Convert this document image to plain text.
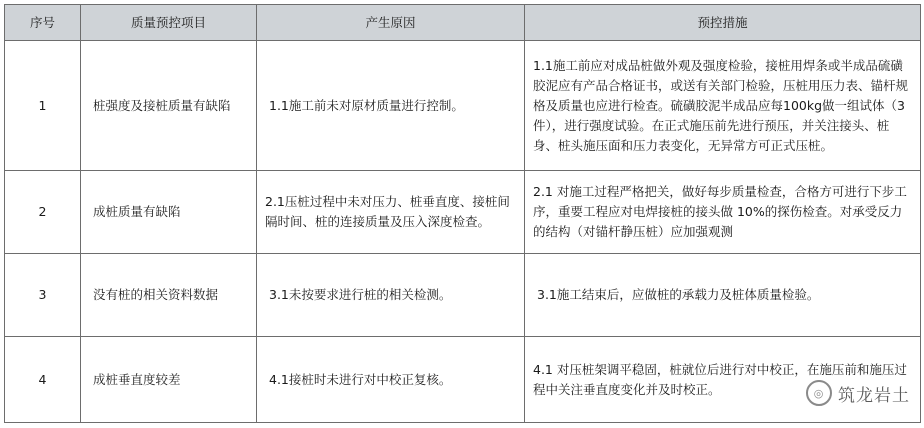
序号	质量预控项目	产生原因	预控措施
1	桩强度及接桩质量有缺陷	1.1施工前未对原材质量进行控制。	1.1施工前应对成品桩做外观及强度检验，接桩用焊条或半成品硫磺胶泥应有产品合格证书，或送有关部门检验，压桩用压力表、锚杆规格及质量也应进行检查。硫磺胶泥半成品应每100kg做一组试体（3件），进行强度试验。在正式施压前先进行预压，并关注接头、桩身、桩头施压面和压力表变化，无异常方可正式压桩。
2	成桩质量有缺陷	2.1压桩过程中未对压力、桩垂直度、接桩间隔时间、桩的连接质量及压入深度检查。	2.1 对施工过程严格把关，做好每步质量检查，合格方可进行下步工序，重要工程应对电焊接桩的接头做 10%的探伤检查。对承受反力的结构（对锚杆静压桩）应加强观测
3	没有桩的相关资料数据	3.1未按要求进行桩的相关检测。	3.1施工结束后，应做桩的承载力及桩体质量检验。
4	成桩垂直度较差	4.1接桩时未进行对中校正复核。	4.1 对压桩架调平稳固，桩就位后进行对中校正，在施压前和施压过程中关注垂直度变化并及时校正。	◎ 筑龙岩土
